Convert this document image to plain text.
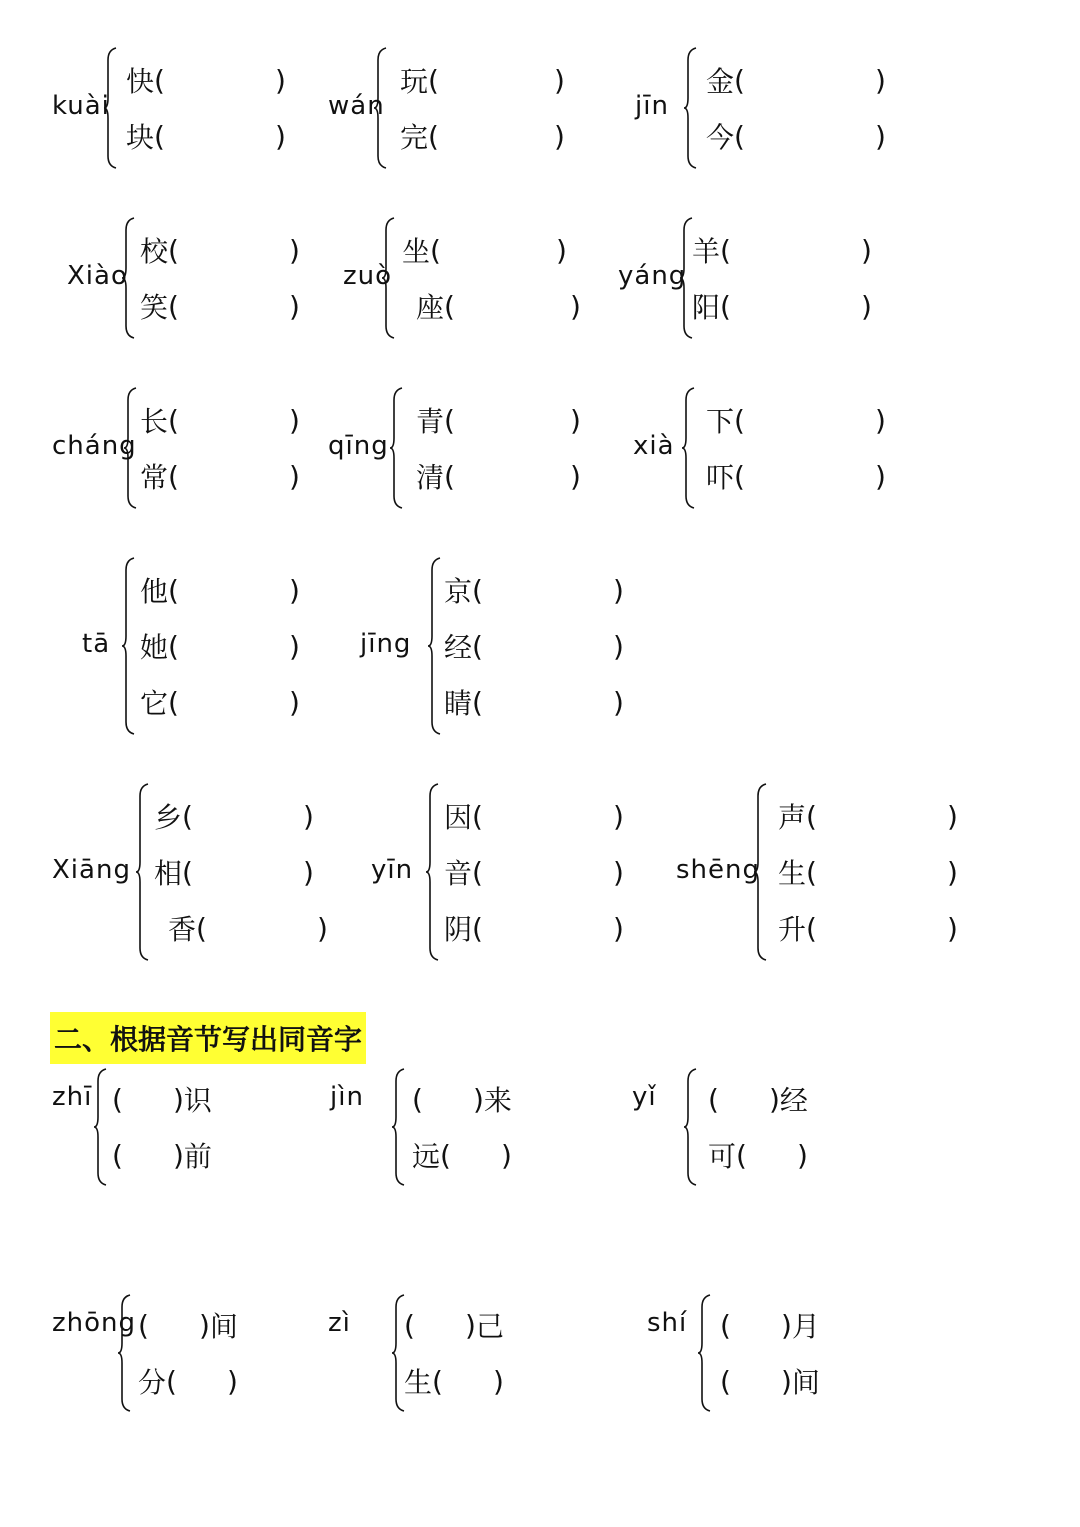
二、根据音节写出同音字
kuài
快 (	)
块 (	)
wán
玩 (	)
完 (	)
jīn
金 (	)
今 (	)
Xiào
校 (	)
笑 (	)
zuò
坐 (	)
座 (	)
yáng
羊 (	)
阳 (	)
cháng
长 (	)
常 (	)
qīng
青 (	)
清 (	)
xià
下 (	)
吓 (	)
tā
他 (	)
她 (	)
它 (	)
jīng
京 (	)
经 (	)
睛 (	)
Xiāng
乡 (	)
相 (	)
香 (	)
yīn
因 (	)
音 (	)
阴 (	)
shēng
声 (	)
生 (	)
升 (	)
zhī ( ) 识
( ) 前
jìn ( ) 来
远 ( )
yǐ ( ) 经
可 ( )
zhōng ( ) 间
分 ( )
zì ( ) 己
生 ( )
shí ( ) 月
( ) 间
